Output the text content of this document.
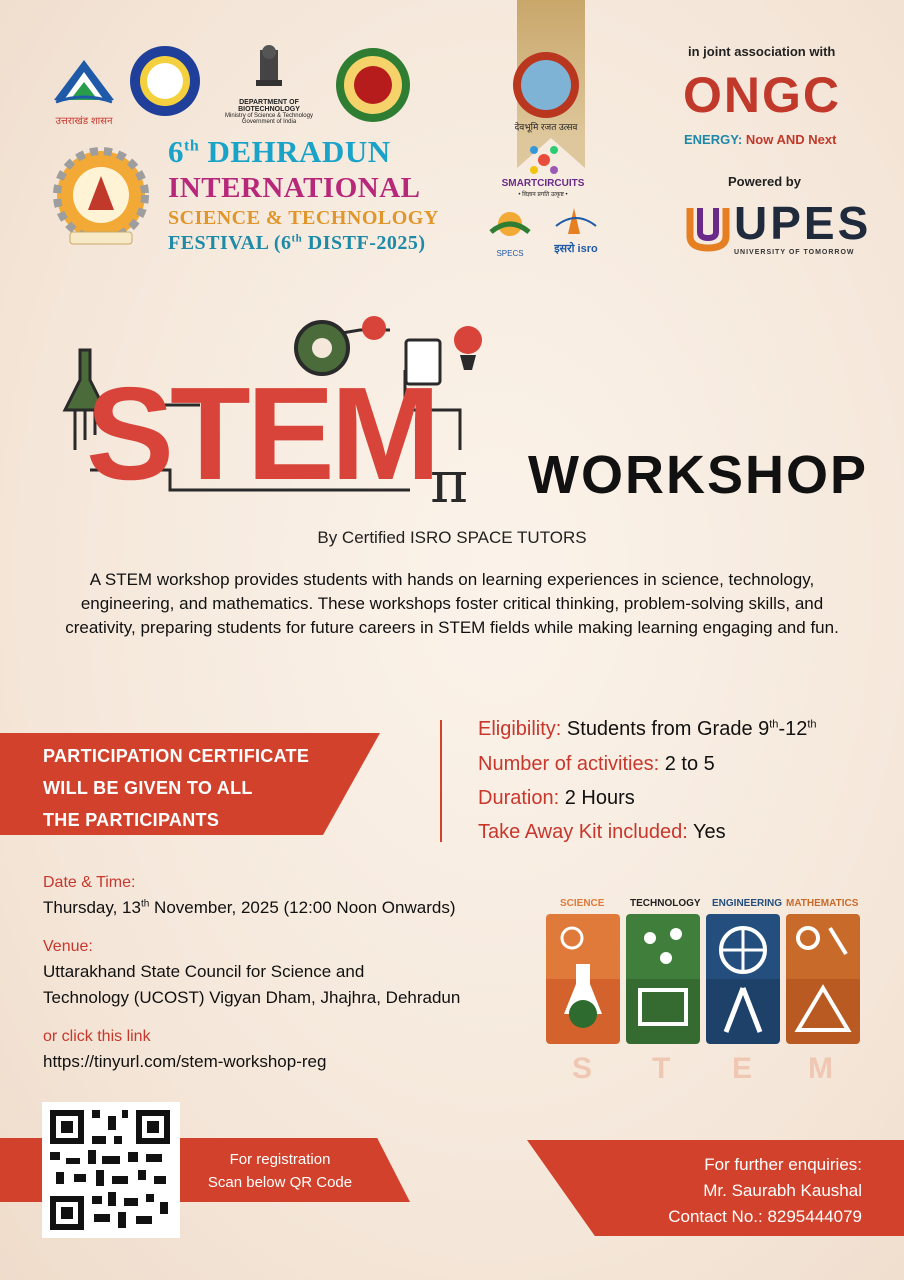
उत्तराखंड शासन
DEPARTMENT OF BIOTECHNOLOGY
Ministry of Science & Technology
Government of India
6th DEHRADUN
INTERNATIONAL
SCIENCE & TECHNOLOGY
FESTIVAL (6th DISTF-2025)
देवभूमि रजत उत्सव
SMARTCIRCUITS
• विज्ञान प्रगति उत्कृष्ट •
SPECS	इसरो isro
in joint association with
ONGC
ENERGY: Now AND Next
Powered by
UPES
UNIVERSITY OF TOMORROW
STEM
π WORKSHOP
By Certified ISRO SPACE TUTORS
A STEM workshop provides students with hands on learning experiences in science, technology, engineering, and mathematics. These workshops foster critical thinking, problem-solving skills, and creativity, preparing students for future careers in STEM fields while making learning engaging and fun.
PARTICIPATION CERTIFICATE
WILL BE GIVEN TO ALL
THE PARTICIPANTS
Eligibility: Students from Grade 9th-12th
Number of activities: 2 to 5
Duration: 2 Hours
Take Away Kit included: Yes
Date & Time:
Thursday, 13th November, 2025 (12:00 Noon Onwards)
Venue:
Uttarakhand State Council for Science and
Technology (UCOST) Vigyan Dham, Jhajhra, Dehradun
or click this link
https://tinyurl.com/stem-workshop-reg
SCIENCE	TECHNOLOGY ENGINEERING MATHEMATICS
S T E M
For registration
Scan below QR Code
For further enquiries:
Mr. Saurabh Kaushal
Contact No.: 8295444079
